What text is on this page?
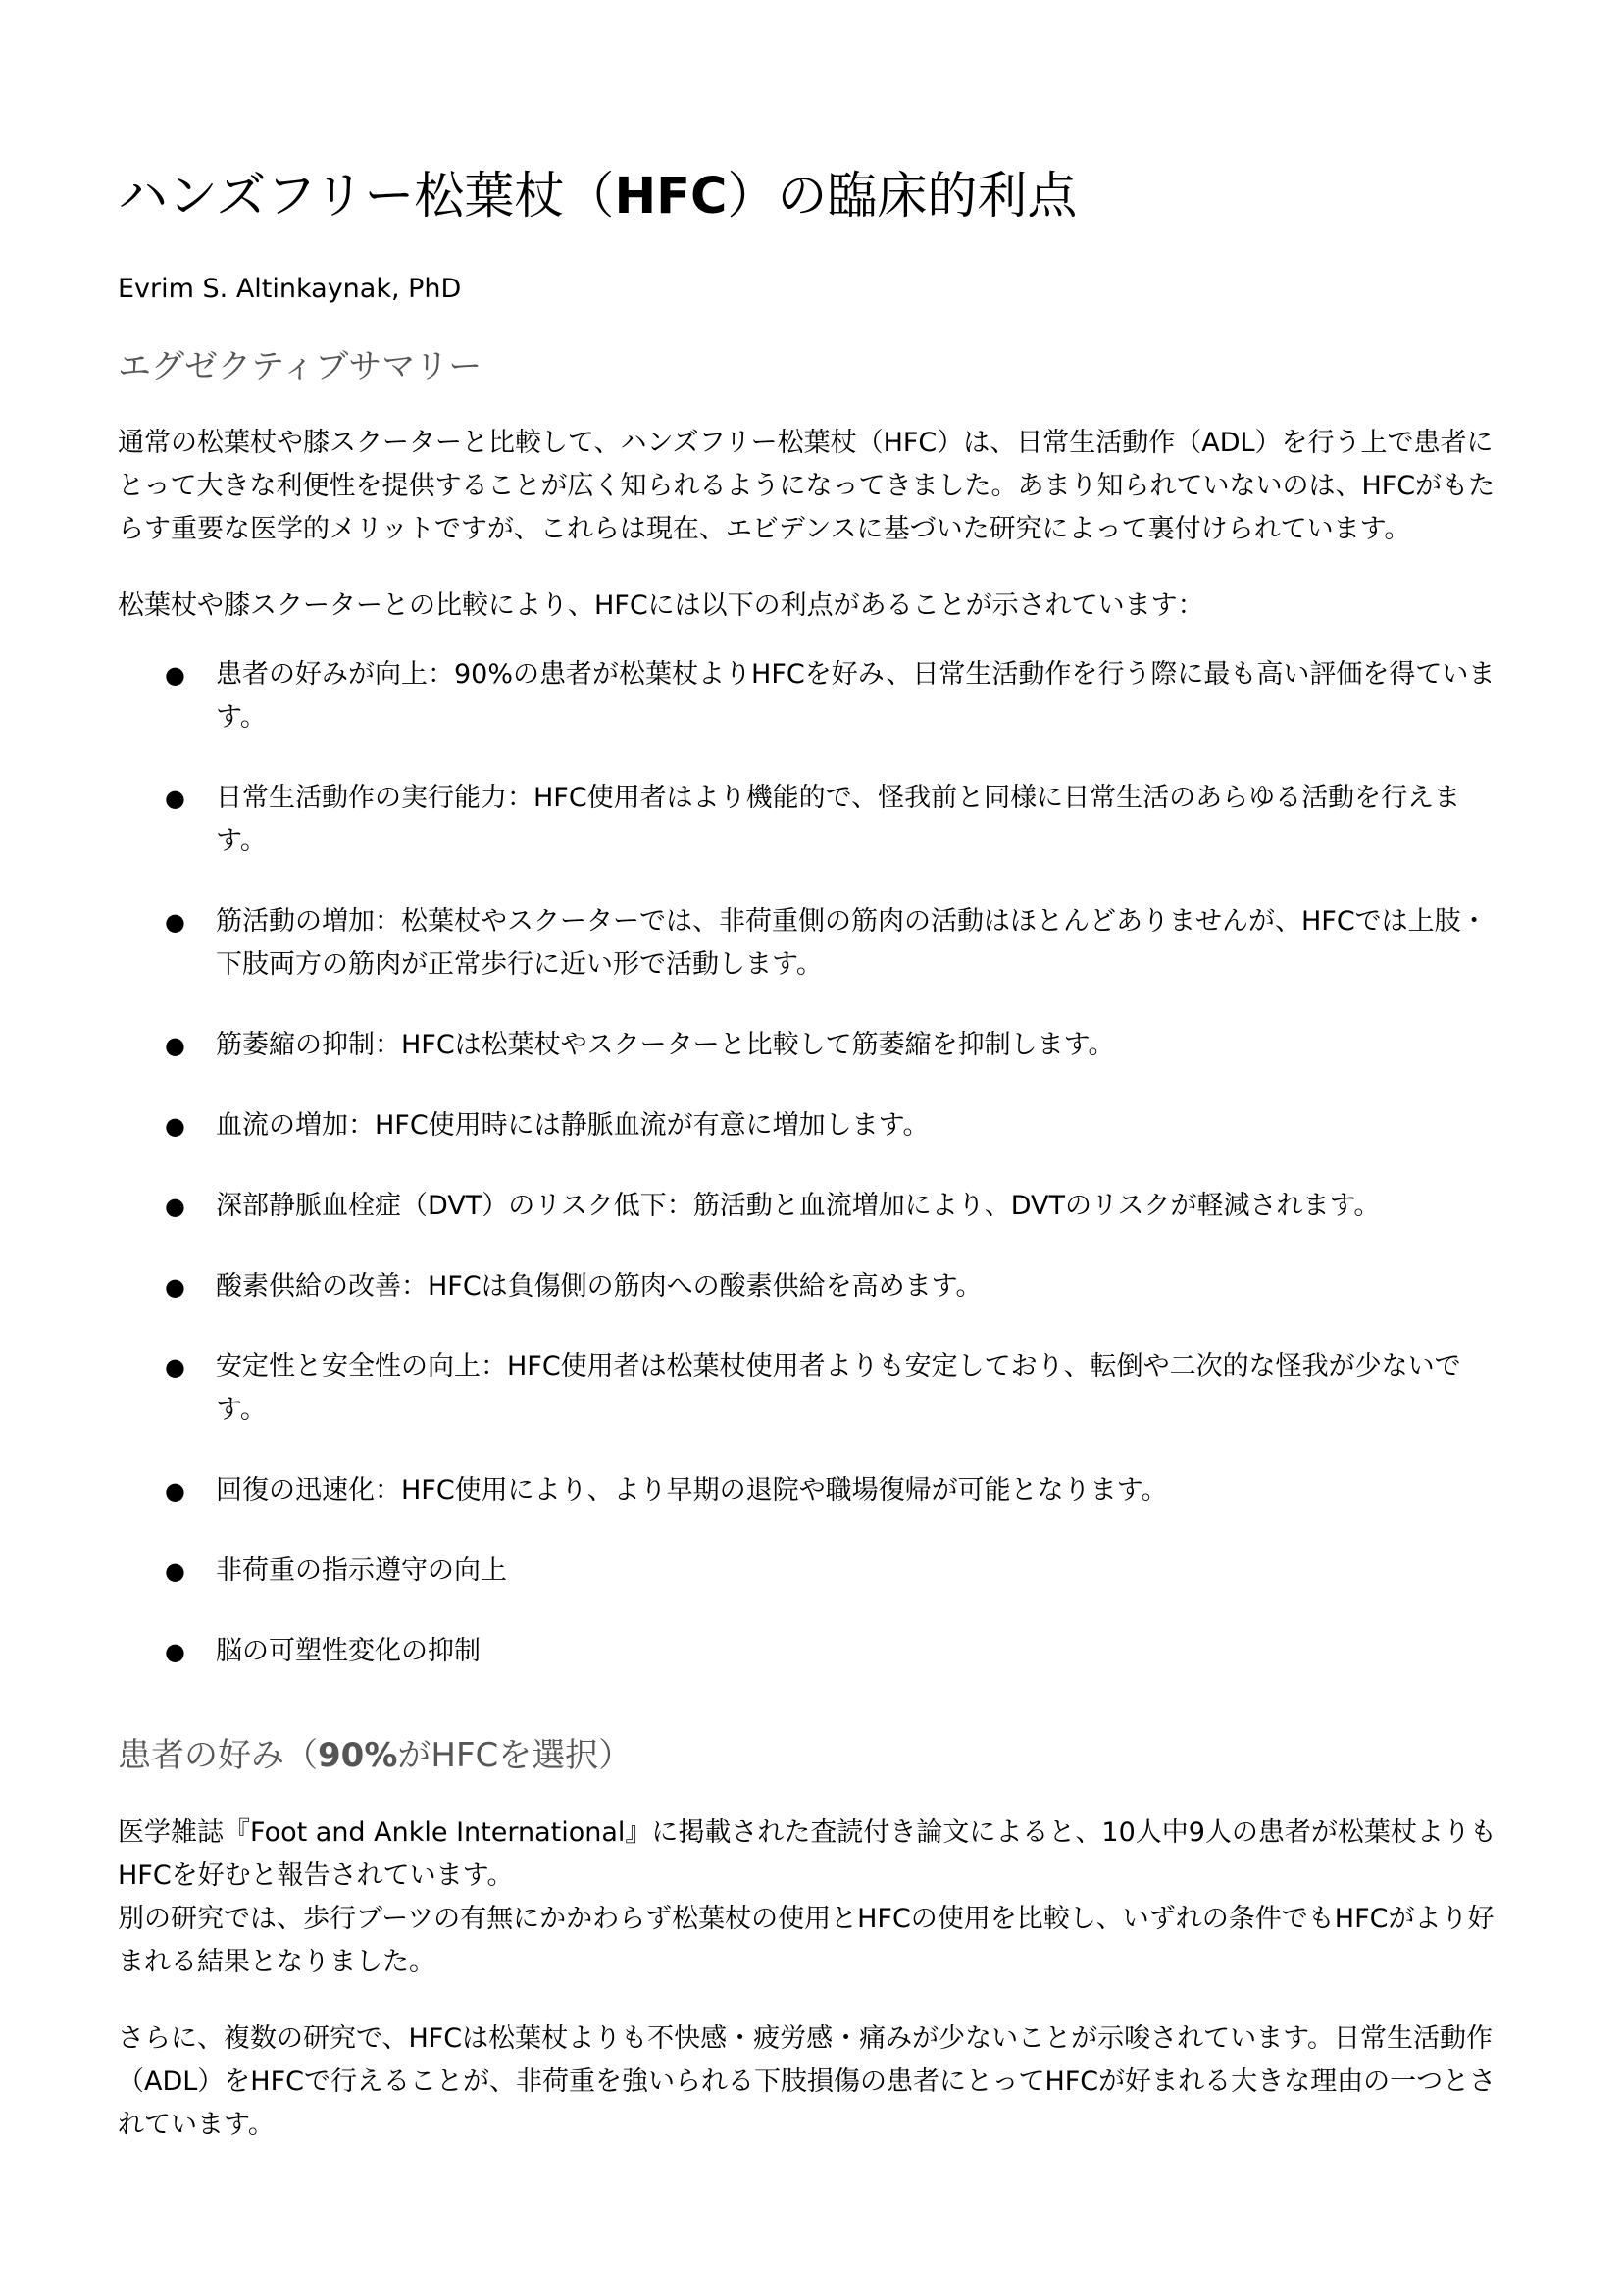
ハンズフリー松葉杖（HFC）の臨床的利点

Evrim S. Altinkaynak, PhD

エグゼクティブサマリー

通常の松葉杖や膝スクーターと比較して、ハンズフリー松葉杖（HFC）は、日常生活動作（ADL）を行う上で患者にとって大きな利便性を提供することが広く知られるようになってきました。あまり知られていないのは、HFCがもたらす重要な医学的メリットですが、これらは現在、エビデンスに基づいた研究によって裏付けられています。

松葉杖や膝スクーターとの比較により、HFCには以下の利点があることが示されています：

● 患者の好みが向上：90%の患者が松葉杖よりHFCを好み、日常生活動作を行う際に最も高い評価を得ています。
● 日常生活動作の実行能力：HFC使用者はより機能的で、怪我前と同様に日常生活のあらゆる活動を行えます。
● 筋活動の増加：松葉杖やスクーターでは、非荷重側の筋肉の活動はほとんどありませんが、HFCでは上肢・下肢両方の筋肉が正常歩行に近い形で活動します。
● 筋萎縮の抑制：HFCは松葉杖やスクーターと比較して筋萎縮を抑制します。
● 血流の増加：HFC使用時には静脈血流が有意に増加します。
● 深部静脈血栓症（DVT）のリスク低下：筋活動と血流増加により、DVTのリスクが軽減されます。
● 酸素供給の改善：HFCは負傷側の筋肉への酸素供給を高めます。
● 安定性と安全性の向上：HFC使用者は松葉杖使用者よりも安定しており、転倒や二次的な怪我が少ないです。
● 回復の迅速化：HFC使用により、より早期の退院や職場復帰が可能となります。
● 非荷重の指示遵守の向上
● 脳の可塑性変化の抑制
患者の好み（90%がHFCを選択）

医学雑誌『Foot and Ankle International』に掲載された査読付き論文によると、10人中9人の患者が松葉杖よりもHFCを好むと報告されています。
別の研究では、歩行ブーツの有無にかかわらず松葉杖の使用とHFCの使用を比較し、いずれの条件でもHFCがより好まれる結果となりました。

さらに、複数の研究で、HFCは松葉杖よりも不快感・疲労感・痛みが少ないことが示唆されています。日常生活動作（ADL）をHFCで行えることが、非荷重を強いられる下肢損傷の患者にとってHFCが好まれる大きな理由の一つとされています。
